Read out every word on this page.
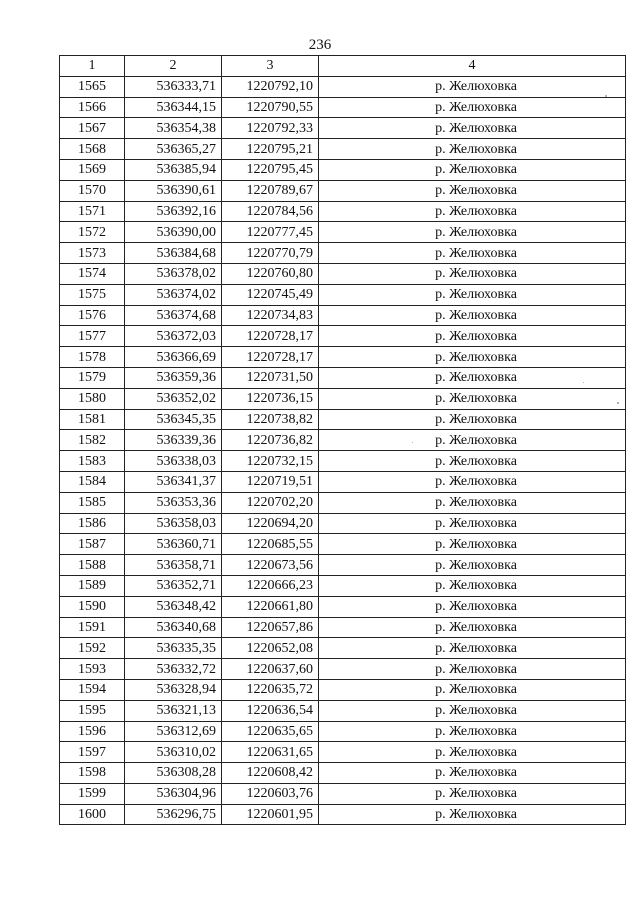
236
1	2	3	4
1565	536333,71	1220792,10	р. Желюховка
1566	536344,15	1220790,55	р. Желюховка
1567	536354,38	1220792,33	р. Желюховка
1568	536365,27	1220795,21	р. Желюховка
1569	536385,94	1220795,45	р. Желюховка
1570	536390,61	1220789,67	р. Желюховка
1571	536392,16	1220784,56	р. Желюховка
1572	536390,00	1220777,45	р. Желюховка
1573	536384,68	1220770,79	р. Желюховка
1574	536378,02	1220760,80	р. Желюховка
1575	536374,02	1220745,49	р. Желюховка
1576	536374,68	1220734,83	р. Желюховка
1577	536372,03	1220728,17	р. Желюховка
1578	536366,69	1220728,17	р. Желюховка
1579	536359,36	1220731,50	р. Желюховка
1580	536352,02	1220736,15	р. Желюховка
1581	536345,35	1220738,82	р. Желюховка
1582	536339,36	1220736,82	р. Желюховка
1583	536338,03	1220732,15	р. Желюховка
1584	536341,37	1220719,51	р. Желюховка
1585	536353,36	1220702,20	р. Желюховка
1586	536358,03	1220694,20	р. Желюховка
1587	536360,71	1220685,55	р. Желюховка
1588	536358,71	1220673,56	р. Желюховка
1589	536352,71	1220666,23	р. Желюховка
1590	536348,42	1220661,80	р. Желюховка
1591	536340,68	1220657,86	р. Желюховка
1592	536335,35	1220652,08	р. Желюховка
1593	536332,72	1220637,60	р. Желюховка
1594	536328,94	1220635,72	р. Желюховка
1595	536321,13	1220636,54	р. Желюховка
1596	536312,69	1220635,65	р. Желюховка
1597	536310,02	1220631,65	р. Желюховка
1598	536308,28	1220608,42	р. Желюховка
1599	536304,96	1220603,76	р. Желюховка
1600	536296,75	1220601,95	р. Желюховка
